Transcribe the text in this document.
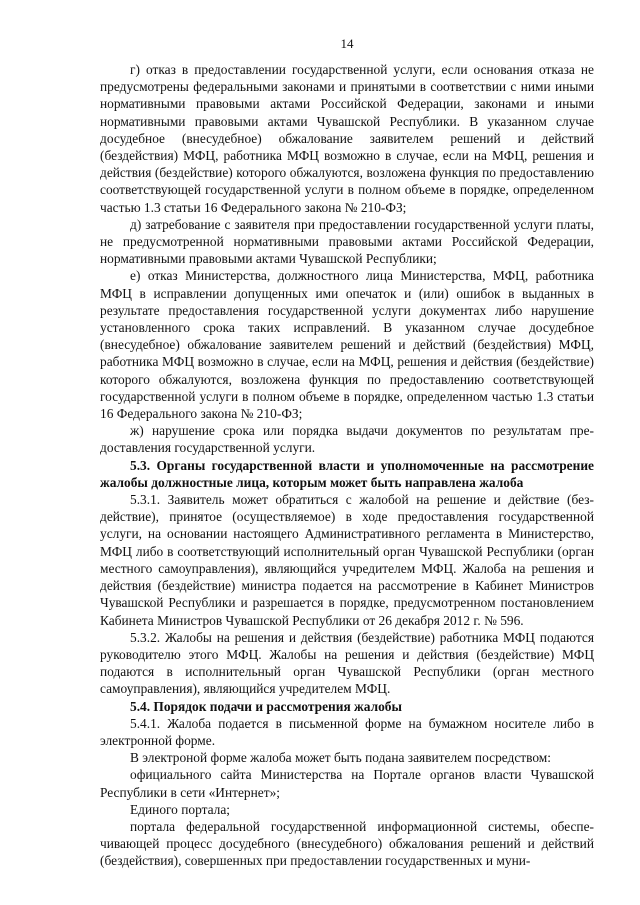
14

г) отказ в предоставлении государственной услуги, если основания отказа не предусмотрены федеральными законами и принятыми в соответствии с ними иными нормативными правовыми актами Российской Федерации, законами и иными нормативными правовыми актами Чувашской Республики. В указанном случае досудебное (внесудебное) обжалование заявителем решений и действий (бездействия) МФЦ, работника МФЦ возможно в случае, если на МФЦ, решения и действия (бездействие) которого обжалуются, возложена функция по предоставлению соответствующей государственной услуги в полном объеме в порядке, определенном частью 1.3 статьи 16 Федерального закона № 210-ФЗ;

д) затребование с заявителя при предоставлении государственной услуги платы, не предусмотренной нормативными правовыми актами Российской Федерации, нормативными правовыми актами Чувашской Республики;

е) отказ Министерства, должностного лица Министерства, МФЦ, работника МФЦ в исправлении допущенных ими опечаток и (или) ошибок в выданных в результате предоставления государственной услуги документах либо нарушение установленного срока таких исправлений. В указанном случае досудебное (внесудебное) обжалование заявителем решений и действий (бездействия) МФЦ, работника МФЦ возможно в случае, если на МФЦ, решения и действия (бездействие) которого обжалуются, возложена функция по предоставлению соответствующей государственной услуги в полном объеме в порядке, определенном частью 1.3 статьи 16 Федерального закона № 210-ФЗ;

ж) нарушение срока или порядка выдачи документов по результатам предоставления государственной услуги.

5.3. Органы государственной власти и уполномоченные на рассмотрение жалобы должностные лица, которым может быть направлена жалоба

5.3.1. Заявитель может обратиться с жалобой на решение и действие (бездействие), принятое (осуществляемое) в ходе предоставления государственной услуги, на основании настоящего Административного регламента в Министерство, МФЦ либо в соответствующий исполнительный орган Чувашской Республики (орган местного самоуправления), являющийся учредителем МФЦ. Жалоба на решения и действия (бездействие) министра подается на рассмотрение в Кабинет Министров Чувашской Республики и разрешается в порядке, предусмотренном постановлением Кабинета Министров Чувашской Республики от 26 декабря 2012 г. № 596.

5.3.2. Жалобы на решения и действия (бездействие) работника МФЦ подаются руководителю этого МФЦ. Жалобы на решения и действия (бездействие) МФЦ подаются в исполнительный орган Чувашской Республики (орган местного самоуправления), являющийся учредителем МФЦ.

5.4. Порядок подачи и рассмотрения жалобы

5.4.1. Жалоба подается в письменной форме на бумажном носителе либо в электронной форме.

В электроной форме жалоба может быть подана заявителем посредством:

официального сайта Министерства на Портале органов власти Чувашской Республики в сети «Интернет»;

Единого портала;

портала федеральной государственной информационной системы, обеспечивающей процесс досудебного (внесудебного) обжалования решений и действий (бездействия), совершенных при предоставлении государственных и муни-
